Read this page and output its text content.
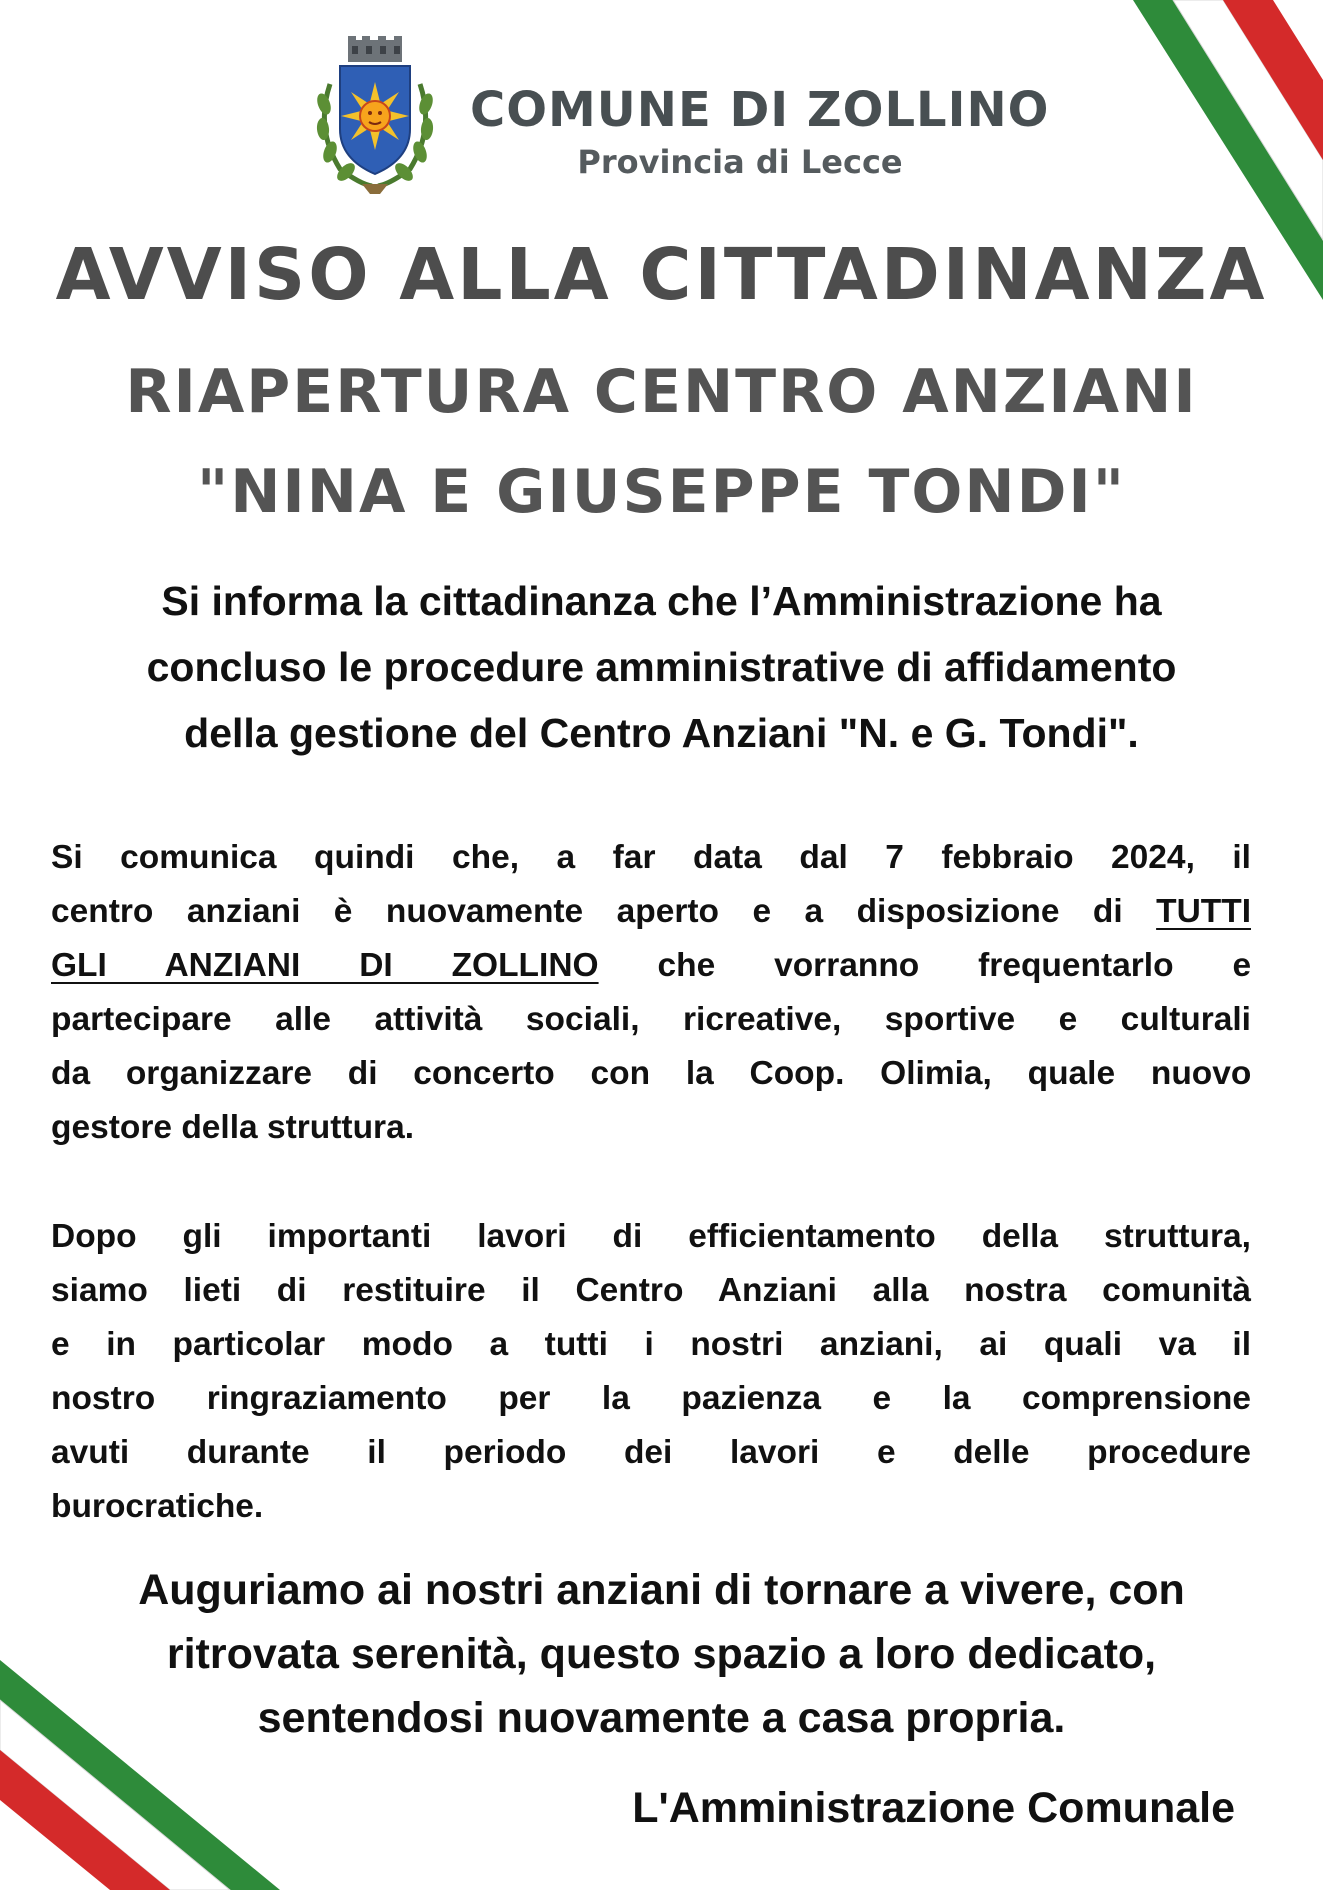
COMUNE DI ZOLLINO
Provincia di Lecce
AVVISO ALLA CITTADINANZA
RIAPERTURA CENTRO ANZIANI
"NINA E GIUSEPPE TONDI"
Si informa la cittadinanza che l’Amministrazione ha
concluso le procedure amministrative di affidamento
della gestione del Centro Anziani "N. e G. Tondi".
Si comunica quindi che, a far data dal 7 febbraio 2024, il
centro anziani è nuovamente aperto e a disposizione di TUTTI
GLI ANZIANI DI ZOLLINO che vorranno frequentarlo e
partecipare alle attività sociali, ricreative, sportive e culturali
da organizzare di concerto con la Coop. Olimia, quale nuovo
gestore della struttura.
Dopo gli importanti lavori di efficientamento della struttura,
siamo lieti di restituire il Centro Anziani alla nostra comunità
e in particolar modo a tutti i nostri anziani, ai quali va il
nostro ringraziamento per la pazienza e la comprensione
avuti durante il periodo dei lavori e delle procedure
burocratiche.
Auguriamo ai nostri anziani di tornare a vivere, con
ritrovata serenità, questo spazio a loro dedicato,
sentendosi nuovamente a casa propria.
L'Amministrazione Comunale
